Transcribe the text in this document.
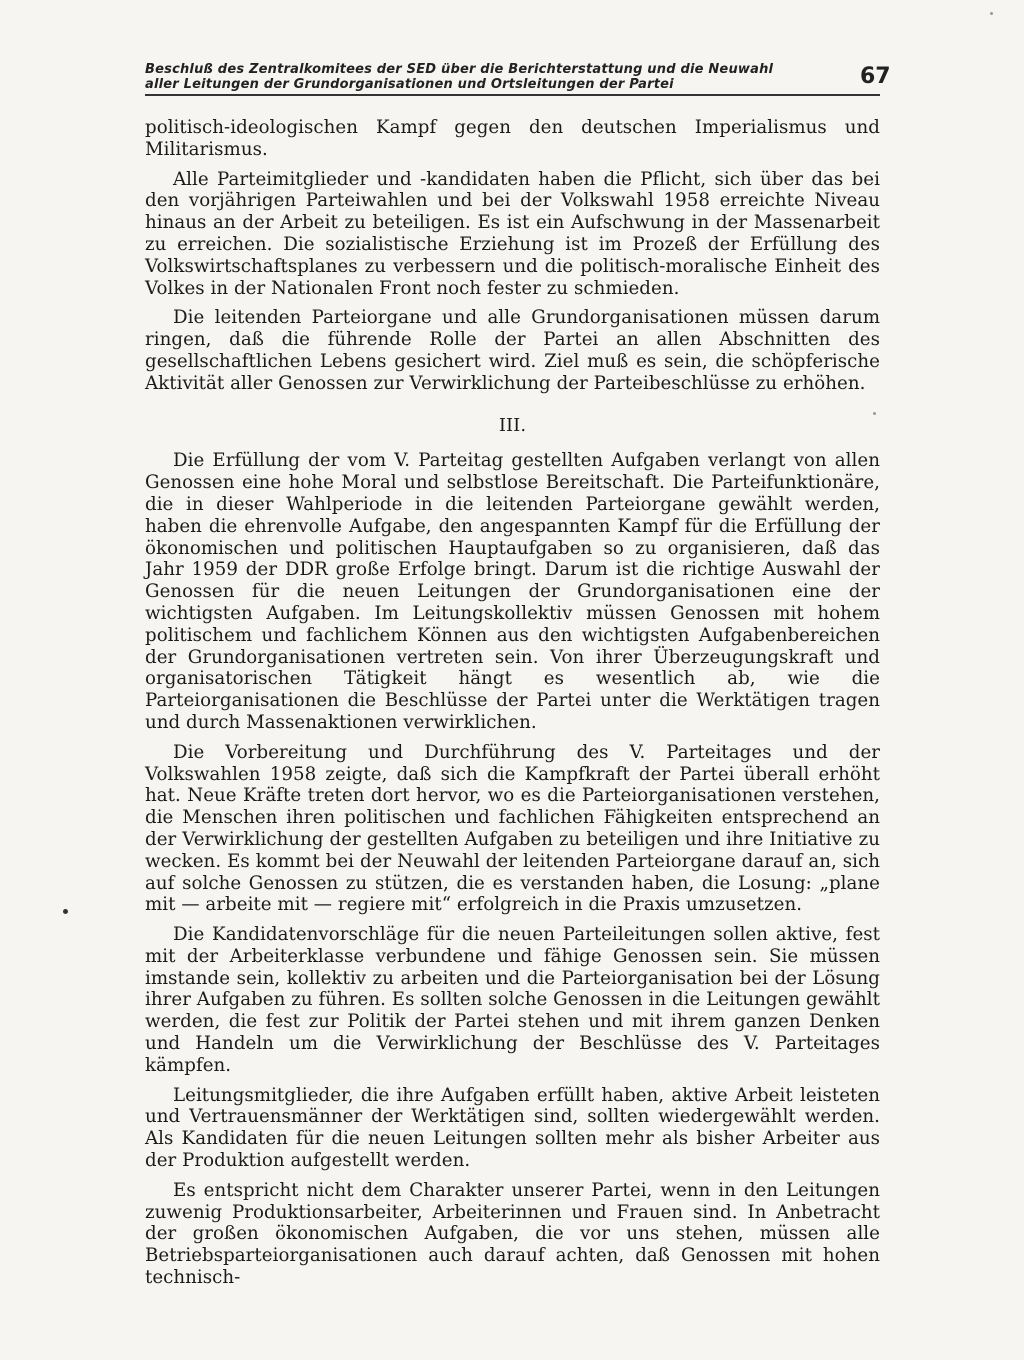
Beschluß des Zentralkomitees der SED über die Berichterstattung und die Neuwahl
aller Leitungen der Grundorganisationen und Ortsleitungen der Partei	67

politisch-ideologischen Kampf gegen den deutschen Imperialismus und Militarismus.

Alle Parteimitglieder und -kandidaten haben die Pflicht, sich über das bei den vorjährigen Parteiwahlen und bei der Volkswahl 1958 erreichte Niveau hinaus an der Arbeit zu beteiligen. Es ist ein Aufschwung in der Massenarbeit zu erreichen. Die sozialistische Erziehung ist im Prozeß der Erfüllung des Volkswirtschaftsplanes zu verbessern und die politisch-moralische Einheit des Volkes in der Nationalen Front noch fester zu schmieden.

Die leitenden Parteiorgane und alle Grundorganisationen müssen darum ringen, daß die führende Rolle der Partei an allen Abschnitten des gesellschaftlichen Lebens gesichert wird. Ziel muß es sein, die schöpferische Aktivität aller Genossen zur Verwirklichung der Parteibeschlüsse zu erhöhen.

III.

Die Erfüllung der vom V. Parteitag gestellten Aufgaben verlangt von allen Genossen eine hohe Moral und selbstlose Bereitschaft. Die Parteifunktionäre, die in dieser Wahlperiode in die leitenden Parteiorgane gewählt werden, haben die ehrenvolle Aufgabe, den angespannten Kampf für die Erfüllung der ökonomischen und politischen Hauptaufgaben so zu organisieren, daß das Jahr 1959 der DDR große Erfolge bringt. Darum ist die richtige Auswahl der Genossen für die neuen Leitungen der Grundorganisationen eine der wichtigsten Aufgaben. Im Leitungskollektiv müssen Genossen mit hohem politischem und fachlichem Können aus den wichtigsten Aufgabenbereichen der Grundorganisationen vertreten sein. Von ihrer Überzeugungskraft und organisatorischen Tätigkeit hängt es wesentlich ab, wie die Parteiorganisationen die Beschlüsse der Partei unter die Werktätigen tragen und durch Massenaktionen verwirklichen.

Die Vorbereitung und Durchführung des V. Parteitages und der Volkswahlen 1958 zeigte, daß sich die Kampfkraft der Partei überall erhöht hat. Neue Kräfte treten dort hervor, wo es die Parteiorganisationen verstehen, die Menschen ihren politischen und fachlichen Fähigkeiten entsprechend an der Verwirklichung der gestellten Aufgaben zu beteiligen und ihre Initiative zu wecken. Es kommt bei der Neuwahl der leitenden Parteiorgane darauf an, sich auf solche Genossen zu stützen, die es verstanden haben, die Losung: „plane mit — arbeite mit — regiere mit“ erfolgreich in die Praxis umzusetzen.

Die Kandidatenvorschläge für die neuen Parteileitungen sollen aktive, fest mit der Arbeiterklasse verbundene und fähige Genossen sein. Sie müssen imstande sein, kollektiv zu arbeiten und die Parteiorganisation bei der Lösung ihrer Aufgaben zu führen. Es sollten solche Genossen in die Leitungen gewählt werden, die fest zur Politik der Partei stehen und mit ihrem ganzen Denken und Handeln um die Verwirklichung der Beschlüsse des V. Parteitages kämpfen.

Leitungsmitglieder, die ihre Aufgaben erfüllt haben, aktive Arbeit leisteten und Vertrauensmänner der Werktätigen sind, sollten wiedergewählt werden. Als Kandidaten für die neuen Leitungen sollten mehr als bisher Arbeiter aus der Produktion aufgestellt werden.

Es entspricht nicht dem Charakter unserer Partei, wenn in den Leitungen zuwenig Produktionsarbeiter, Arbeiterinnen und Frauen sind. In Anbetracht der großen ökonomischen Aufgaben, die vor uns stehen, müssen alle Betriebsparteiorganisationen auch darauf achten, daß Genossen mit hohen technisch-
